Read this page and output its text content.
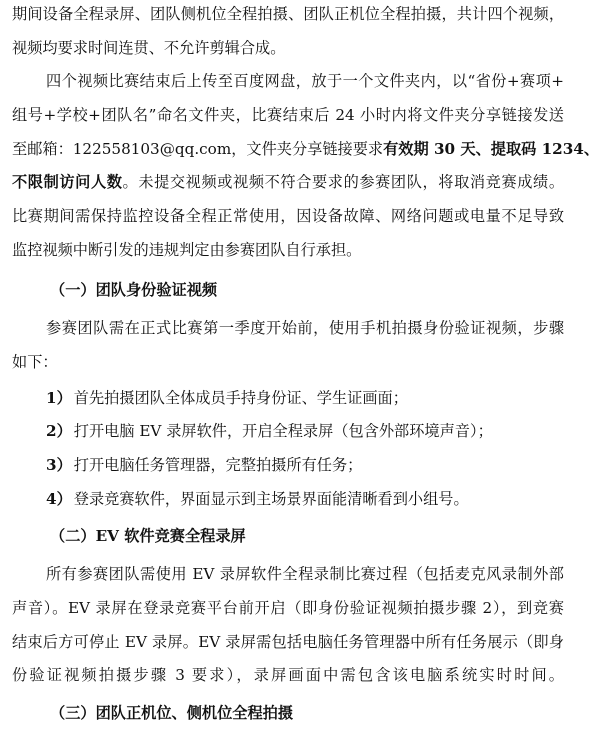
期间设备全程录屏、团队侧机位全程拍摄、团队正机位全程拍摄，共计四个视频，
视频均要求时间连贯、不允许剪辑合成。
四个视频比赛结束后上传至百度网盘，放于一个文件夹内，以“省份+赛项+
组号+学校+团队名”命名文件夹，比赛结束后 24 小时内将文件夹分享链接发送
至邮箱：122558103@qq.com，文件夹分享链接要求有效期 30 天、提取码 1234、
不限制访问人数。未提交视频或视频不符合要求的参赛团队，将取消竞赛成绩。
比赛期间需保持监控设备全程正常使用，因设备故障、网络问题或电量不足导致
监控视频中断引发的违规判定由参赛团队自行承担。
（一）团队身份验证视频
参赛团队需在正式比赛第一季度开始前，使用手机拍摄身份验证视频，步骤
如下：
1） 首先拍摄团队全体成员手持身份证、学生证画面；
2） 打开电脑 EV 录屏软件，开启全程录屏（包含外部环境声音）；
3） 打开电脑任务管理器，完整拍摄所有任务；
4） 登录竞赛软件，界面显示到主场景界面能清晰看到小组号。
（二）EV 软件竞赛全程录屏
所有参赛团队需使用 EV 录屏软件全程录制比赛过程（包括麦克风录制外部
声音）。EV 录屏在登录竞赛平台前开启（即身份验证视频拍摄步骤 2），到竞赛
结束后方可停止 EV 录屏。EV 录屏需包括电脑任务管理器中所有任务展示（即身
份验证视频拍摄步骤 3 要求），录屏画面中需包含该电脑系统实时时间。
（三）团队正机位、侧机位全程拍摄
